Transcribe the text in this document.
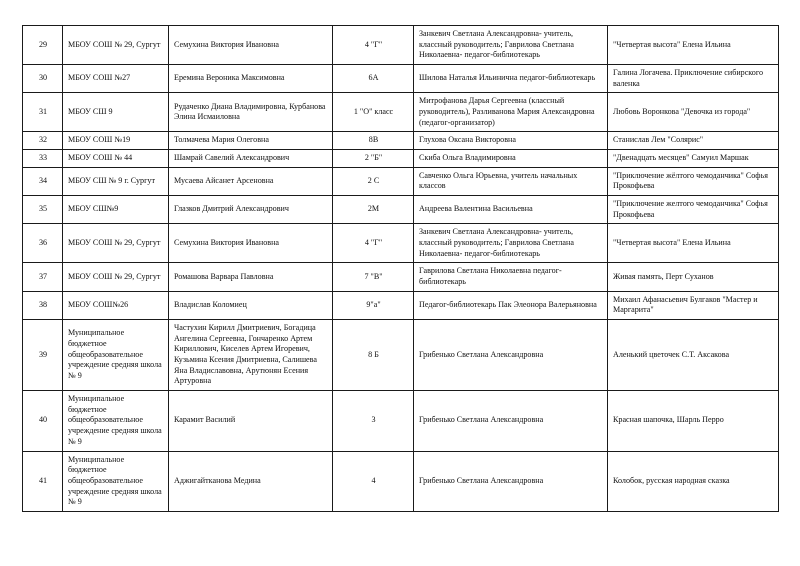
29	МБОУ СОШ № 29, Сургут	Семухина Виктория Ивановна	4 "Г"	Занкевич Светлана Александровна- учитель, классный руководитель; Гаврилова Светлана Николаевна- педагог-библиотекарь	"Четвертая высота" Елена Ильина

30	МБОУ СОШ №27	Еремина Вероника Максимовна	6А	Шилова Наталья Ильинична педагог-библиотекарь	Галина Логачева. Приключение сибирского валенка

31	МБОУ СШ 9	Рудаченко Диана Владимировна, Курбанова Элина Исмаиловна	1 "О" класс	Митрофанова Дарья Сергеевна (классный руководитель), Разливанова Мария Александровна (педагог-организатор)	Любовь Воронкова "Девочка из города"

32	МБОУ СОШ №19	Толмачева Мария Олеговна	8В	Глухова Оксана Викторовна	Станислав Лем "Солярис"

33	МБОУ СОШ № 44	Шамрай Савелий Александрович	2 "Б"	Скиба Ольга Владимировна	"Двенадцать месяцев" Самуил Маршак

34	МБОУ СШ № 9 г. Сургут	Мусаева Айсанет Арсеновна	2 С	Савченко Ольга Юрьевна, учитель начальных классов	"Приключение жёлтого чемоданчика" Софья Прокофьева

35	МБОУ СШ№9	Глазков Дмитрий Александрович	2М	Андреева Валентина Васильевна	"Приключение желтого чемоданчика" Софья Прокофьева

36	МБОУ СОШ № 29, Сургут	Семухина Виктория Ивановна	4 "Г"	Занкевич Светлана Александровна- учитель, классный руководитель; Гаврилова Светлана Николаевна- педагог-библиотекарь	"Четвертая высота" Елена Ильина

37	МБОУ СОШ № 29, Сургут	Ромашова Варвара Павловна	7 "В"	Гаврилова Светлана Николаевна педагог-библиотекарь	Живая память, Перт Суханов

38	МБОУ СОШ№26	Владислав Коломиец	9"а"	Педагог-библиотекарь Пак Элеонора Валерьяновна	Михаил Афанасьевич Булгаков "Мастер и Маргарита"

39	Муниципальное бюджетное общеобразовательное учреждение средняя школа № 9	Частухин Кирилл Дмитриевич, Богадица Ангелина Сергеевна, Гончаренко Артем Кириллович, Киселев Артем Игоревич, Кузьмина Ксения Дмитриевна, Салишева Яна Владиславовна, Арутюнян Есения Артуровна	8 Б	Грибенько Светлана Александровна	Аленький цветочек С.Т. Аксакова

40	Муниципальное бюджетное общеобразовательное учреждение средняя школа № 9	Карамит Василий	3	Грибенько Светлана Александровна	Красная шапочка, Шарль Перро

41	Муниципальное бюджетное общеобразовательное учреждение средняя школа № 9	Аджигайтканова Медина	4	Грибенько Светлана Александровна	Колобок, русская народная сказка
